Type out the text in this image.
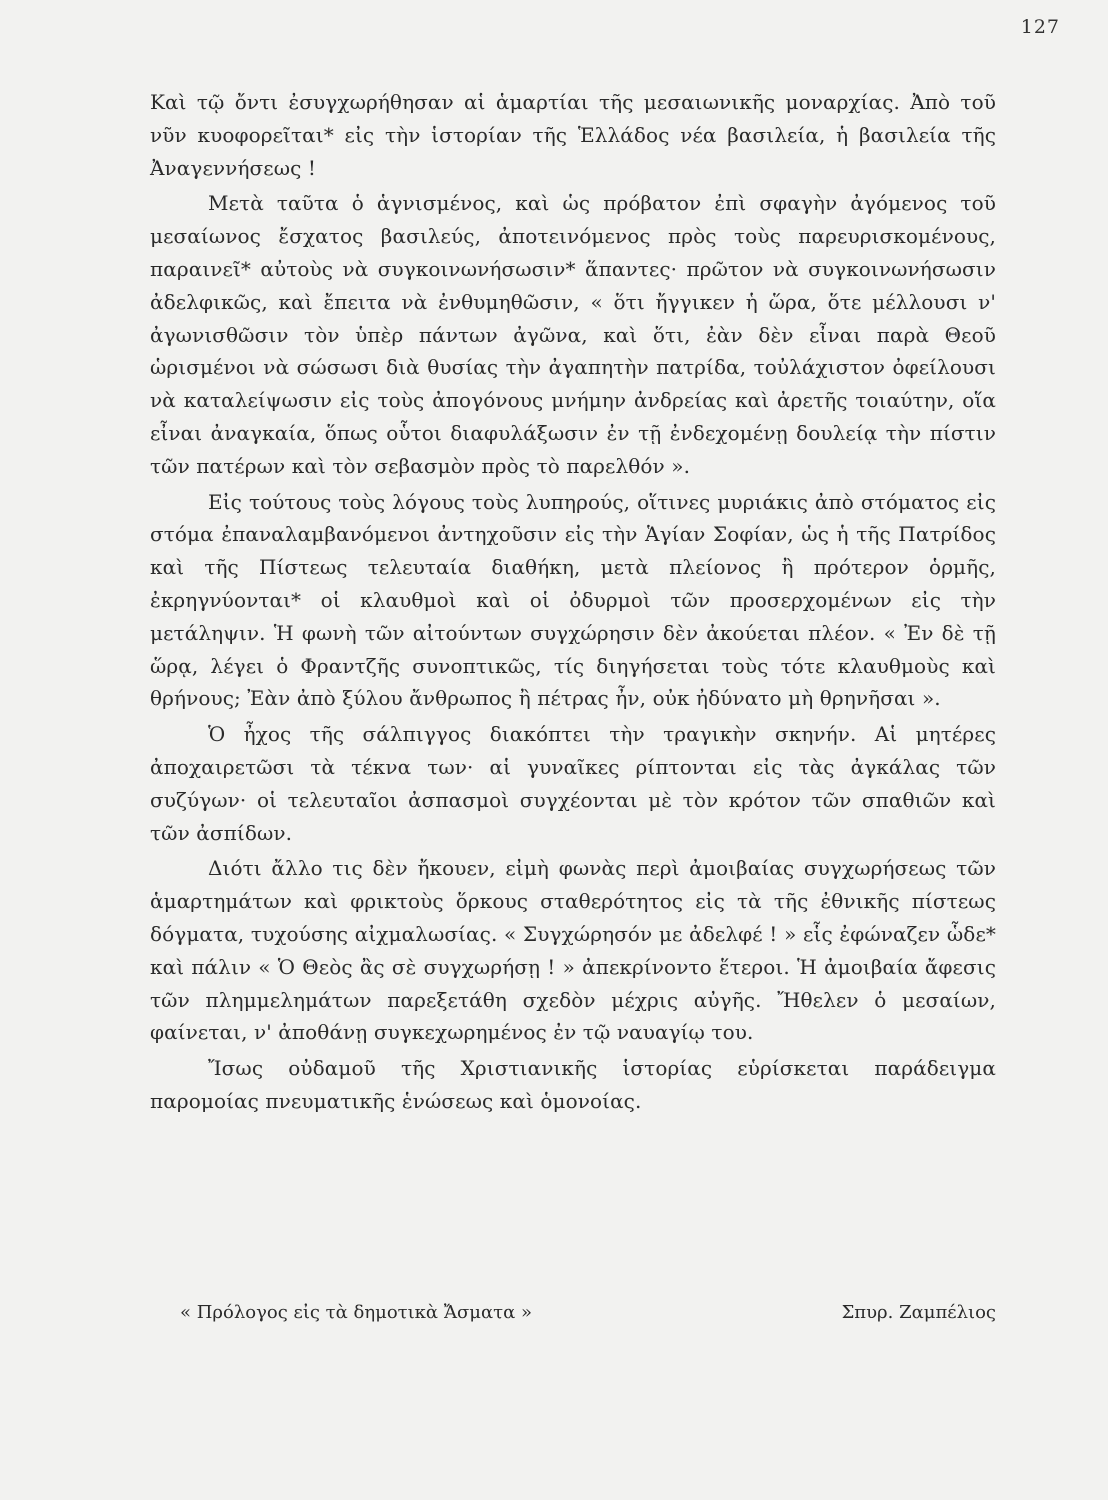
127

Καὶ τῷ ὄντι ἐσυγχωρήθησαν αἱ ἁμαρτίαι τῆς μεσαιωνικῆς μοναρχίας. Ἀπὸ τοῦ νῦν κυοφορεῖται* εἰς τὴν ἱστορίαν τῆς Ἑλλάδος νέα βασιλεία, ἡ βασιλεία τῆς Ἀναγεννήσεως !

Μετὰ ταῦτα ὁ ἁγνισμένος, καὶ ὡς πρόβατον ἐπὶ σφαγὴν ἀγόμενος τοῦ μεσαίωνος ἔσχατος βασιλεύς, ἀποτεινόμενος πρὸς τοὺς παρευρισκομένους, παραινεῖ* αὐτοὺς νὰ συγκοινωνήσωσιν* ἅπαντες· πρῶτον νὰ συγκοινωνήσωσιν ἀδελφικῶς, καὶ ἔπειτα νὰ ἐνθυμηθῶσιν, « ὅτι ἤγγικεν ἡ ὥρα, ὅτε μέλλουσι ν' ἀγωνισθῶσιν τὸν ὑπὲρ πάντων ἀγῶνα, καὶ ὅτι, ἐὰν δὲν εἶναι παρὰ Θεοῦ ὡρισμένοι νὰ σώσωσι διὰ θυσίας τὴν ἀγαπητὴν πατρίδα, τοὐλάχιστον ὀφείλουσι νὰ καταλείψωσιν εἰς τοὺς ἀπογόνους μνήμην ἀνδρείας καὶ ἀρετῆς τοιαύτην, οἵα εἶναι ἀναγκαία, ὅπως οὗτοι διαφυλάξωσιν ἐν τῇ ἐνδεχομένῃ δουλείᾳ τὴν πίστιν τῶν πατέρων καὶ τὸν σεβασμὸν πρὸς τὸ παρελθόν ».

Εἰς τούτους τοὺς λόγους τοὺς λυπηρούς, οἵτινες μυριάκις ἀπὸ στόματος εἰς στόμα ἐπαναλαμβανόμενοι ἀντηχοῦσιν εἰς τὴν Ἁγίαν Σοφίαν, ὡς ἡ τῆς Πατρίδος καὶ τῆς Πίστεως τελευταία διαθήκη, μετὰ πλείονος ἢ πρότερον ὁρμῆς, ἐκρηγνύονται* οἱ κλαυθμοὶ καὶ οἱ ὀδυρμοὶ τῶν προσερχομένων εἰς τὴν μετάληψιν. Ἡ φωνὴ τῶν αἰτούντων συγχώρησιν δὲν ἀκούεται πλέον. « Ἐν δὲ τῇ ὥρᾳ, λέγει ὁ Φραντζῆς συνοπτικῶς, τίς διηγήσεται τοὺς τότε κλαυθμοὺς καὶ θρήνους; Ἐὰν ἀπὸ ξύλου ἄνθρωπος ἢ πέτρας ἦν, οὐκ ἠδύνατο μὴ θρηνῆσαι ».

Ὁ ἦχος τῆς σάλπιγγος διακόπτει τὴν τραγικὴν σκηνήν. Αἱ μητέρες ἀποχαιρετῶσι τὰ τέκνα των· αἱ γυναῖκες ρίπτονται εἰς τὰς ἀγκάλας τῶν συζύγων· οἱ τελευταῖοι ἀσπασμοὶ συγχέονται μὲ τὸν κρότον τῶν σπαθιῶν καὶ τῶν ἀσπίδων.

Διότι ἄλλο τις δὲν ἤκουεν, εἰμὴ φωνὰς περὶ ἀμοιβαίας συγχωρήσεως τῶν ἁμαρτημάτων καὶ φρικτοὺς ὅρκους σταθερότητος εἰς τὰ τῆς ἐθνικῆς πίστεως δόγματα, τυχούσης αἰχμαλωσίας. « Συγχώρησόν με ἀδελφέ ! » εἷς ἐφώναζεν ὧδε* καὶ πάλιν « Ὁ Θεὸς ἂς σὲ συγχωρήσῃ ! » ἀπεκρίνοντο ἕτεροι. Ἡ ἀμοιβαία ἄφεσις τῶν πλημμελημάτων παρεξετάθη σχεδὸν μέχρις αὐγῆς. Ἤθελεν ὁ μεσαίων, φαίνεται, ν' ἀποθάνῃ συγκεχωρημένος ἐν τῷ ναυαγίῳ του.

Ἴσως οὐδαμοῦ τῆς Χριστιανικῆς ἱστορίας εὑρίσκεται παράδειγμα παρομοίας πνευματικῆς ἑνώσεως καὶ ὁμονοίας.

« Πρόλογος εἰς τὰ δημοτικὰ Ἄσματα »	Σπυρ. Ζαμπέλιος
